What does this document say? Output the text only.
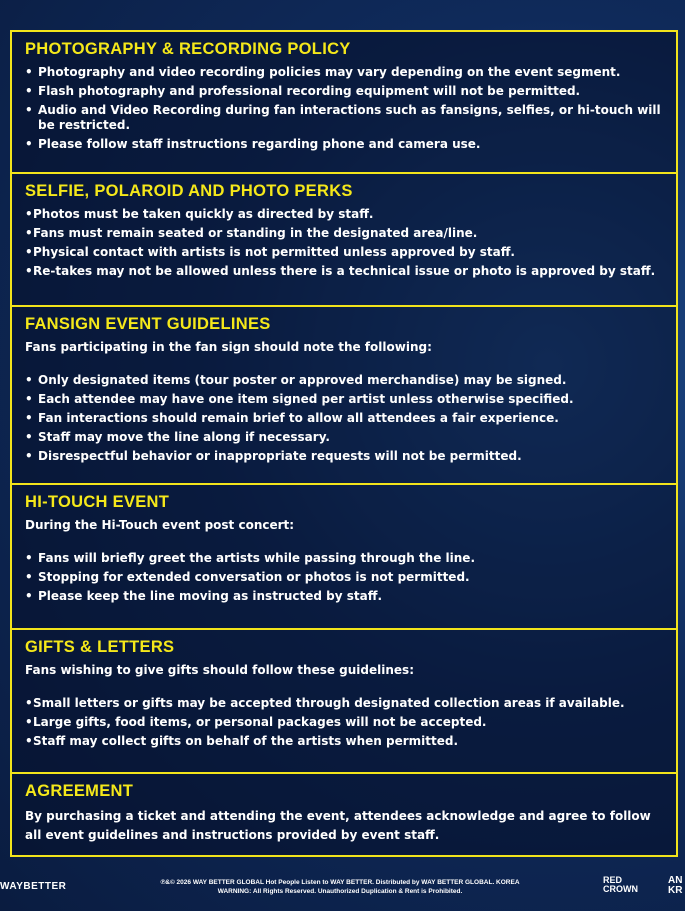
PHOTOGRAPHY & RECORDING POLICY
• Photography and video recording policies may vary depending on the event segment.
• Flash photography and professional recording equipment will not be permitted.
• Audio and Video Recording during fan interactions such as fansigns, selfies, or hi-touch will be restricted.
• Please follow staff instructions regarding phone and camera use.
SELFIE, POLAROID AND PHOTO PERKS
• Photos must be taken quickly as directed by staff.
• Fans must remain seated or standing in the designated area/line.
• Physical contact with artists is not permitted unless approved by staff.
• Re-takes may not be allowed unless there is a technical issue or photo is approved by staff.
FANSIGN EVENT GUIDELINES
Fans participating in the fan sign should note the following:
• Only designated items (tour poster or approved merchandise) may be signed.
• Each attendee may have one item signed per artist unless otherwise specified.
• Fan interactions should remain brief to allow all attendees a fair experience.
• Staff may move the line along if necessary.
• Disrespectful behavior or inappropriate requests will not be permitted.
HI-TOUCH EVENT
During the Hi-Touch event post concert:
• Fans will briefly greet the artists while passing through the line.
• Stopping for extended conversation or photos is not permitted.
• Please keep the line moving as instructed by staff.
GIFTS & LETTERS
Fans wishing to give gifts should follow these guidelines:
• Small letters or gifts may be accepted through designated collection areas if available.
• Large gifts, food items, or personal packages will not be accepted.
• Staff may collect gifts on behalf of the artists when permitted.
AGREEMENT

By purchasing a ticket and attending the event, attendees acknowledge and agree to follow all event guidelines and instructions provided by event staff.

WAYBETTER	℗&© 2026 WAY BETTER GLOBAL Hot People Listen to WAY BETTER. Distributed by WAY BETTER GLOBAL. KOREA
WARNING: All Rights Reserved. Unauthorized Duplication & Rent is Prohibited.
RED
CROWN
AN
KR
